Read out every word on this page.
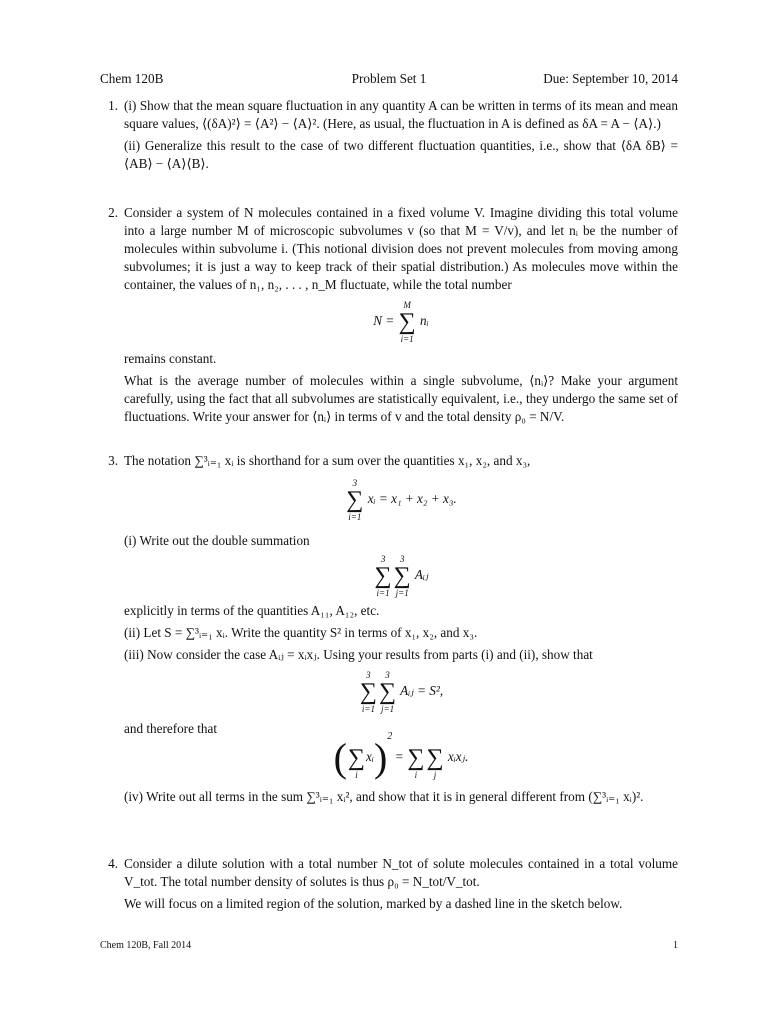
Chem 120B	Problem Set 1	Due: September 10, 2014
1. (i) Show that the mean square fluctuation in any quantity A can be written in terms of its mean and mean square values, ⟨(δA)²⟩ = ⟨A²⟩ − ⟨A⟩². (Here, as usual, the fluctuation in A is defined as δA = A − ⟨A⟩.)

(ii) Generalize this result to the case of two different fluctuation quantities, i.e., show that ⟨δA δB⟩ = ⟨AB⟩ − ⟨A⟩⟨B⟩.

2. Consider a system of N molecules contained in a fixed volume V. Imagine dividing this total volume into a large number M of microscopic subvolumes v (so that M = V/v), and let nᵢ be the number of molecules within subvolume i. (This notional division does not prevent molecules from moving among subvolumes; it is just a way to keep track of their spatial distribution.) As molecules move within the container, the values of n₁, n₂, . . . , n_M fluctuate, while the total number

N =
M
∑
i=1
nᵢ

remains constant.

What is the average number of molecules within a single subvolume, ⟨nᵢ⟩? Make your argument carefully, using the fact that all subvolumes are statistically equivalent, i.e., they undergo the same set of fluctuations. Write your answer for ⟨nᵢ⟩ in terms of v and the total density ρ₀ = N/V.

3. The notation ∑³ᵢ₌₁ xᵢ is shorthand for a sum over the quantities x₁, x₂, and x₃,

3
∑
i=1
xᵢ = x₁ + x₂ + x₃.

(i) Write out the double summation

3
∑
i=1
3
∑
j=1
Aᵢⱼ

explicitly in terms of the quantities A₁₁, A₁₂, etc.

(ii) Let S = ∑³ᵢ₌₁ xᵢ. Write the quantity S² in terms of x₁, x₂, and x₃.

(iii) Now consider the case Aᵢⱼ = xᵢxⱼ. Using your results from parts (i) and (ii), show that

3
∑
i=1
3
∑
j=1
Aᵢⱼ = S²,

and therefore that

(
∑
i
xᵢ)$^2$ =
∑
i

∑
j
xᵢxⱼ.

(iv) Write out all terms in the sum ∑³ᵢ₌₁ xᵢ², and show that it is in general different from (∑³ᵢ₌₁ xᵢ)².

4. Consider a dilute solution with a total number N_tot of solute molecules contained in a total volume V_tot. The total number density of solutes is thus ρ₀ = N_tot/V_tot.

We will focus on a limited region of the solution, marked by a dashed line in the sketch below.

Chem 120B, Fall 2014	1
